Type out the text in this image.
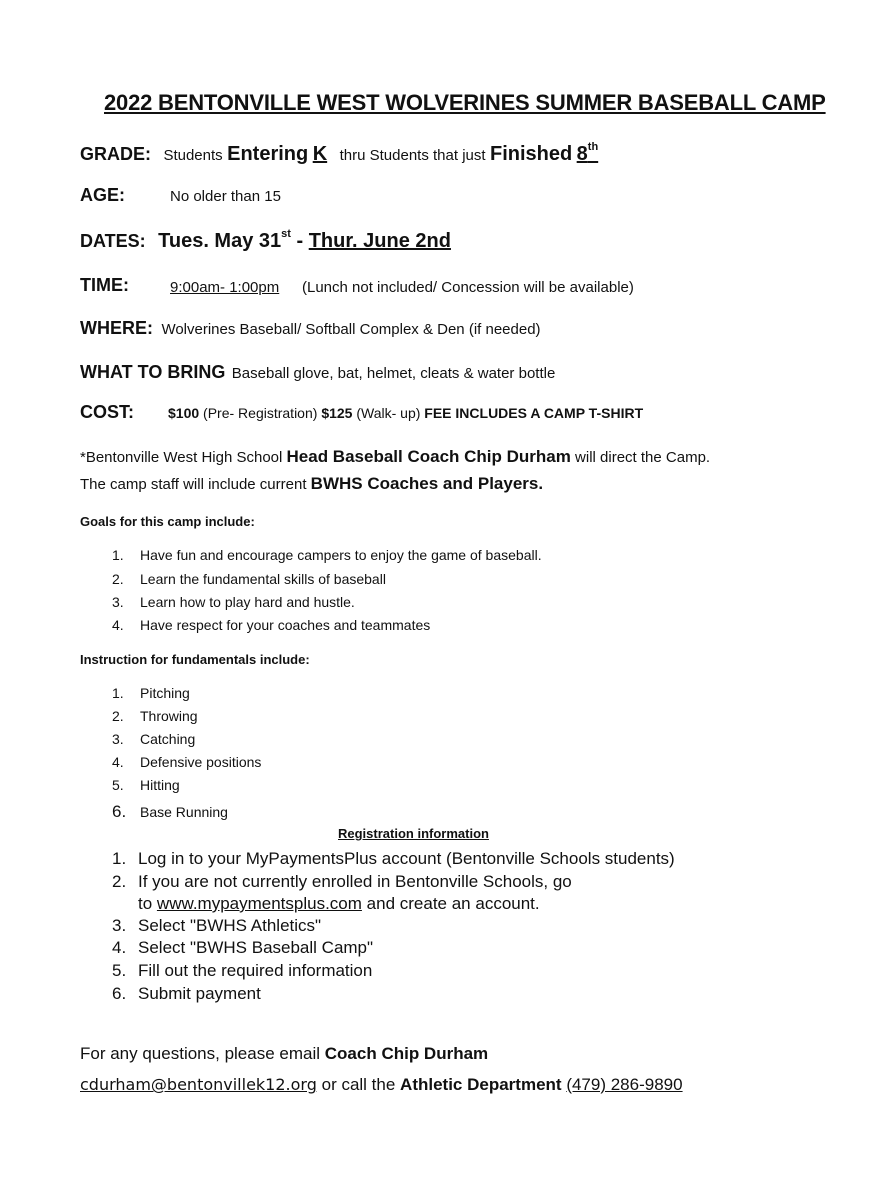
2022 BENTONVILLE WEST WOLVERINES SUMMER BASEBALL CAMP
GRADE: Students Entering K thru Students that just Finished 8th
AGE:	No older than 15
DATES: Tues. May 31st - Thur. June 2nd
TIME:	9:00am- 1:00pm (Lunch not included/ Concession will be available)
WHERE: Wolverines Baseball/ Softball Complex & Den (if needed)
WHAT TO BRING Baseball glove, bat, helmet, cleats & water bottle
COST: $100 (Pre- Registration) $125 (Walk- up) FEE INCLUDES A CAMP T-SHIRT
*Bentonville West High School Head Baseball Coach Chip Durham will direct the Camp.
The camp staff will include current BWHS Coaches and Players.
Goals for this camp include:
1. Have fun and encourage campers to enjoy the game of baseball.
2. Learn the fundamental skills of baseball
3. Learn how to play hard and hustle.
4. Have respect for your coaches and teammates
Instruction for fundamentals include:
1. Pitching
2. Throwing
3. Catching
4. Defensive positions
5. Hitting
6. Base Running
Registration information
1. Log in to your MyPaymentsPlus account (Bentonville Schools students)
2. If you are not currently enrolled in Bentonville Schools, go
to www.mypaymentsplus.com and create an account.
3. Select "BWHS Athletics"
4. Select "BWHS Baseball Camp"
5. Fill out the required information
6. Submit payment
For any questions, please email Coach Chip Durham
cdurham@bentonvillek12.org or call the Athletic Department (479) 286-9890
